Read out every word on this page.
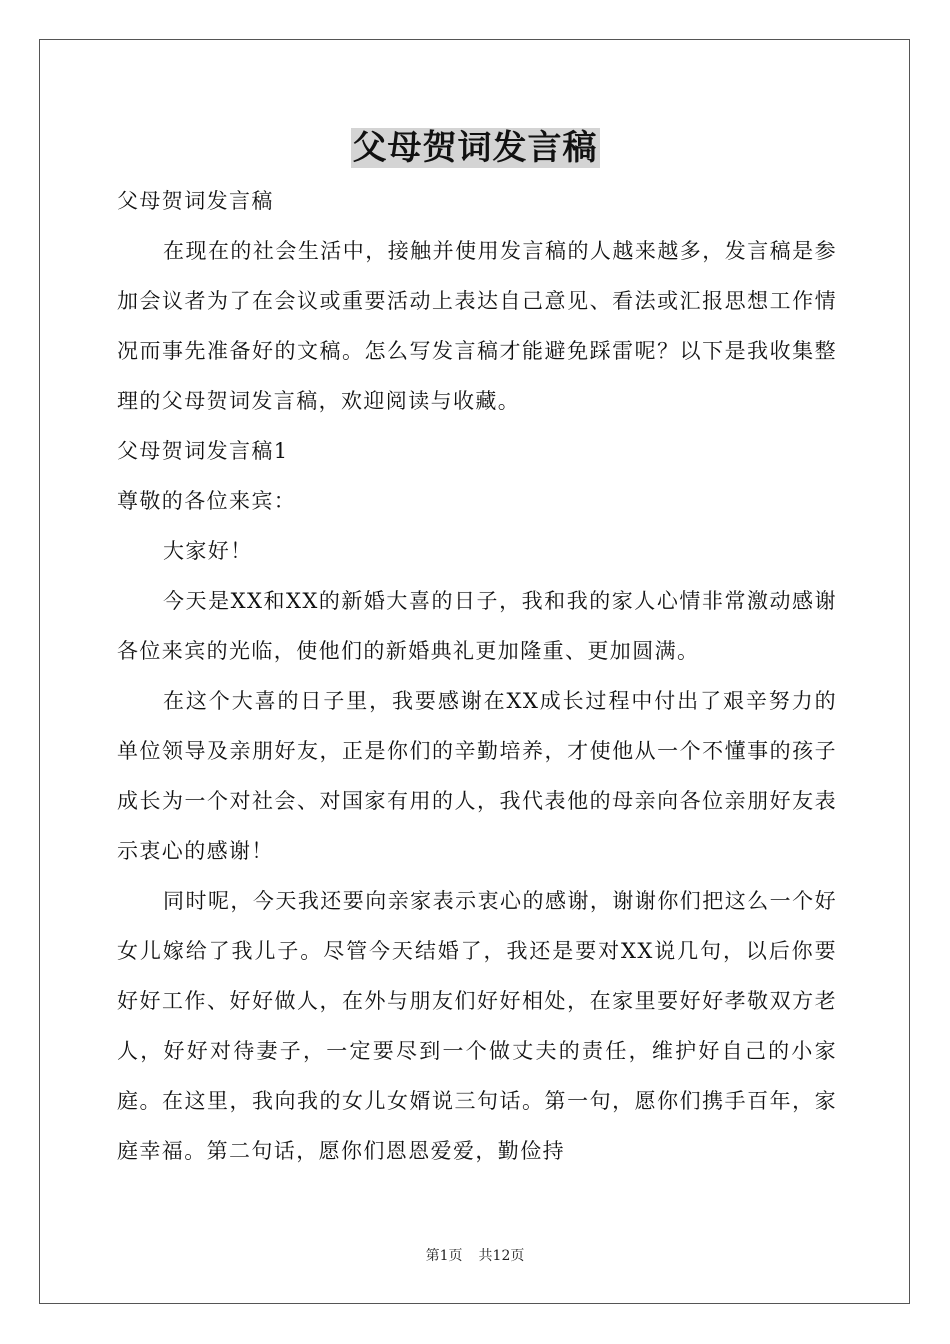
父母贺词发言稿

父母贺词发言稿

在现在的社会生活中，接触并使用发言稿的人越来越多，发言稿是参加会议者为了在会议或重要活动上表达自己意见、看法或汇报思想工作情况而事先准备好的文稿。怎么写发言稿才能避免踩雷呢？以下是我收集整理的父母贺词发言稿，欢迎阅读与收藏。

父母贺词发言稿1

尊敬的各位来宾：

大家好！

今天是XX和XX的新婚大喜的日子，我和我的家人心情非常激动感谢各位来宾的光临，使他们的新婚典礼更加隆重、更加圆满。

在这个大喜的日子里，我要感谢在XX成长过程中付出了艰辛努力的单位领导及亲朋好友，正是你们的辛勤培养，才使他从一个不懂事的孩子成长为一个对社会、对国家有用的人，我代表他的母亲向各位亲朋好友表示衷心的感谢！

同时呢，今天我还要向亲家表示衷心的感谢，谢谢你们把这么一个好女儿嫁给了我儿子。尽管今天结婚了，我还是要对XX说几句，以后你要好好工作、好好做人，在外与朋友们好好相处，在家里要好好孝敬双方老人，好好对待妻子，一定要尽到一个做丈夫的责任，维护好自己的小家庭。在这里，我向我的女儿女婿说三句话。第一句，愿你们携手百年，家庭幸福。第二句话，愿你们恩恩爱爱，勤俭持

第1页 共12页
